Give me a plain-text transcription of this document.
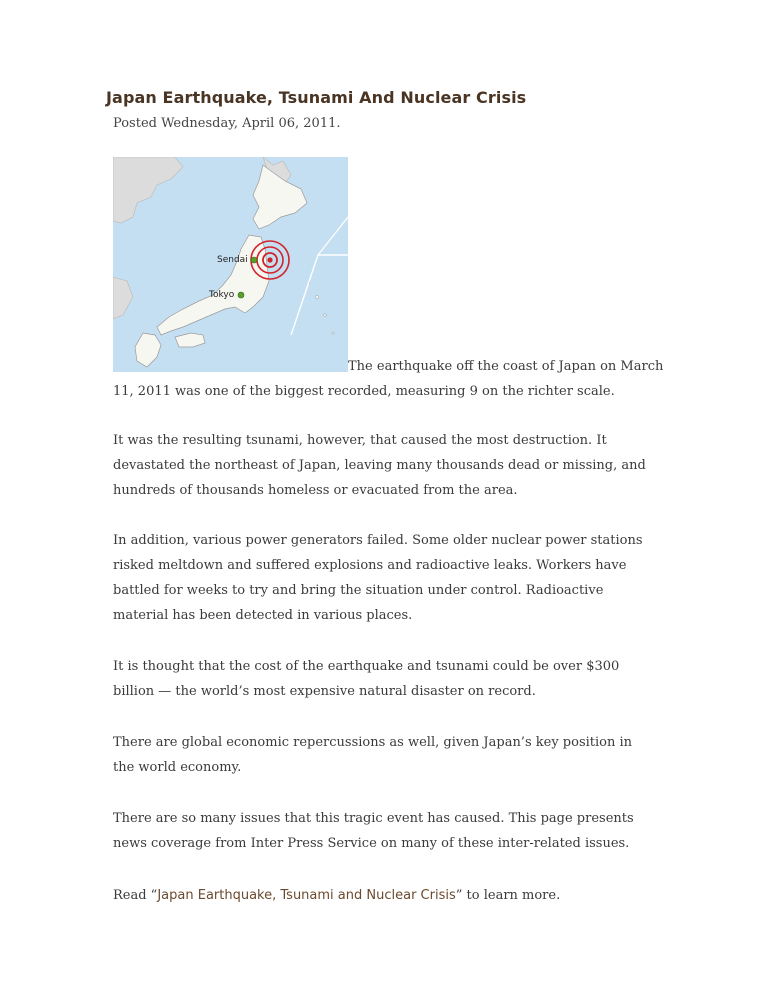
Japan Earthquake, Tsunami And Nuclear Crisis
Posted Wednesday, April 06, 2011.
Sendai
Tokyo
The earthquake off the coast of Japan on March
11, 2011 was one of the biggest recorded, measuring 9 on the richter scale.
It was the resulting tsunami, however, that caused the most destruction. It devastated the northeast of Japan, leaving many thousands dead or missing, and hundreds of thousands homeless or evacuated from the area.
In addition, various power generators failed. Some older nuclear power stations risked meltdown and suffered explosions and radioactive leaks. Workers have battled for weeks to try and bring the situation under control. Radioactive material has been detected in various places.
It is thought that the cost of the earthquake and tsunami could be over $300 billion — the world’s most expensive natural disaster on record.
There are global economic repercussions as well, given Japan’s key position in the world economy.
There are so many issues that this tragic event has caused. This page presents news coverage from Inter Press Service on many of these inter-related issues.
Read “Japan Earthquake, Tsunami and Nuclear Crisis” to learn more.
